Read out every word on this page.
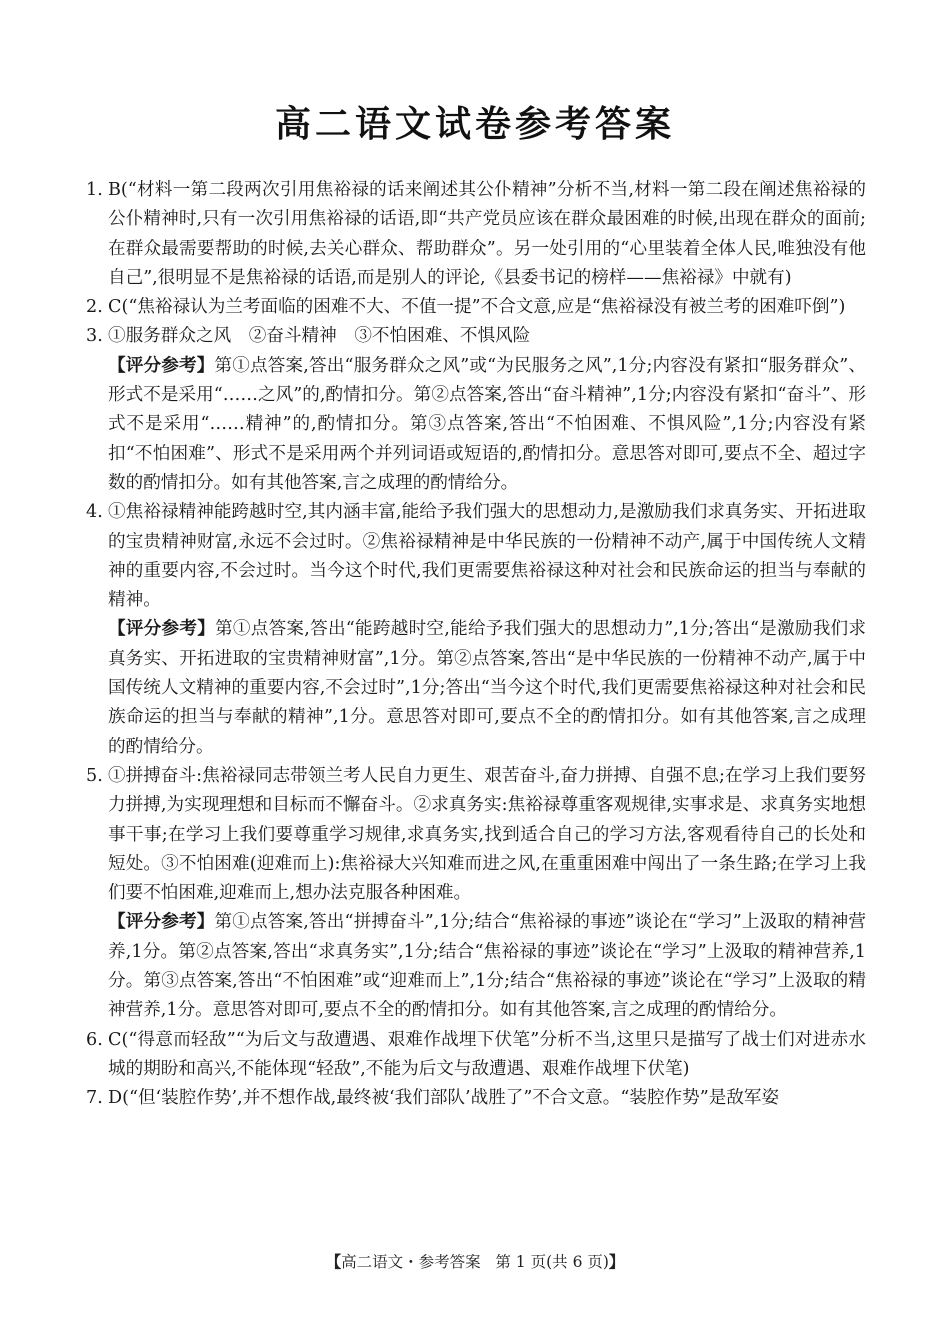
高二语文试卷参考答案
1. B(“材料一第二段两次引用焦裕禄的话来阐述其公仆精神”分析不当,材料一第二段在阐述焦裕禄的公仆精神时,只有一次引用焦裕禄的话语,即“共产党员应该在群众最困难的时候,出现在群众的面前;在群众最需要帮助的时候,去关心群众、帮助群众”。另一处引用的“心里装着全体人民,唯独没有他自己”,很明显不是焦裕禄的话语,而是别人的评论,《县委书记的榜样——焦裕禄》中就有)
2. C(“焦裕禄认为兰考面临的困难不大、不值一提”不合文意,应是“焦裕禄没有被兰考的困难吓倒”)
3. ①服务群众之风　②奋斗精神　③不怕困难、不惧风险
【评分参考】第①点答案,答出“服务群众之风”或“为民服务之风”,1分;内容没有紧扣“服务群众”、形式不是采用“……之风”的,酌情扣分。第②点答案,答出“奋斗精神”,1分;内容没有紧扣“奋斗”、形式不是采用“……精神”的,酌情扣分。第③点答案,答出“不怕困难、不惧风险”,1分;内容没有紧扣“不怕困难”、形式不是采用两个并列词语或短语的,酌情扣分。意思答对即可,要点不全、超过字数的酌情扣分。如有其他答案,言之成理的酌情给分。
4. ①焦裕禄精神能跨越时空,其内涵丰富,能给予我们强大的思想动力,是激励我们求真务实、开拓进取的宝贵精神财富,永远不会过时。②焦裕禄精神是中华民族的一份精神不动产,属于中国传统人文精神的重要内容,不会过时。当今这个时代,我们更需要焦裕禄这种对社会和民族命运的担当与奉献的精神。
【评分参考】第①点答案,答出“能跨越时空,能给予我们强大的思想动力”,1分;答出“是激励我们求真务实、开拓进取的宝贵精神财富”,1分。第②点答案,答出“是中华民族的一份精神不动产,属于中国传统人文精神的重要内容,不会过时”,1分;答出“当今这个时代,我们更需要焦裕禄这种对社会和民族命运的担当与奉献的精神”,1分。意思答对即可,要点不全的酌情扣分。如有其他答案,言之成理的酌情给分。
5. ①拼搏奋斗:焦裕禄同志带领兰考人民自力更生、艰苦奋斗,奋力拼搏、自强不息;在学习上我们要努力拼搏,为实现理想和目标而不懈奋斗。②求真务实:焦裕禄尊重客观规律,实事求是、求真务实地想事干事;在学习上我们要尊重学习规律,求真务实,找到适合自己的学习方法,客观看待自己的长处和短处。③不怕困难(迎难而上):焦裕禄大兴知难而进之风,在重重困难中闯出了一条生路;在学习上我们要不怕困难,迎难而上,想办法克服各种困难。
【评分参考】第①点答案,答出“拼搏奋斗”,1分;结合“焦裕禄的事迹”谈论在“学习”上汲取的精神营养,1分。第②点答案,答出“求真务实”,1分;结合“焦裕禄的事迹”谈论在“学习”上汲取的精神营养,1分。第③点答案,答出“不怕困难”或“迎难而上”,1分;结合“焦裕禄的事迹”谈论在“学习”上汲取的精神营养,1分。意思答对即可,要点不全的酌情扣分。如有其他答案,言之成理的酌情给分。
6. C(“得意而轻敌”“为后文与敌遭遇、艰难作战埋下伏笔”分析不当,这里只是描写了战士们对进赤水城的期盼和高兴,不能体现“轻敌”,不能为后文与敌遭遇、艰难作战埋下伏笔)
7. D(“但‘装腔作势’,并不想作战,最终被‘我们部队’战胜了”不合文意。“装腔作势”是敌军姿
【高二语文・参考答案 第 1 页(共 6 页)】
